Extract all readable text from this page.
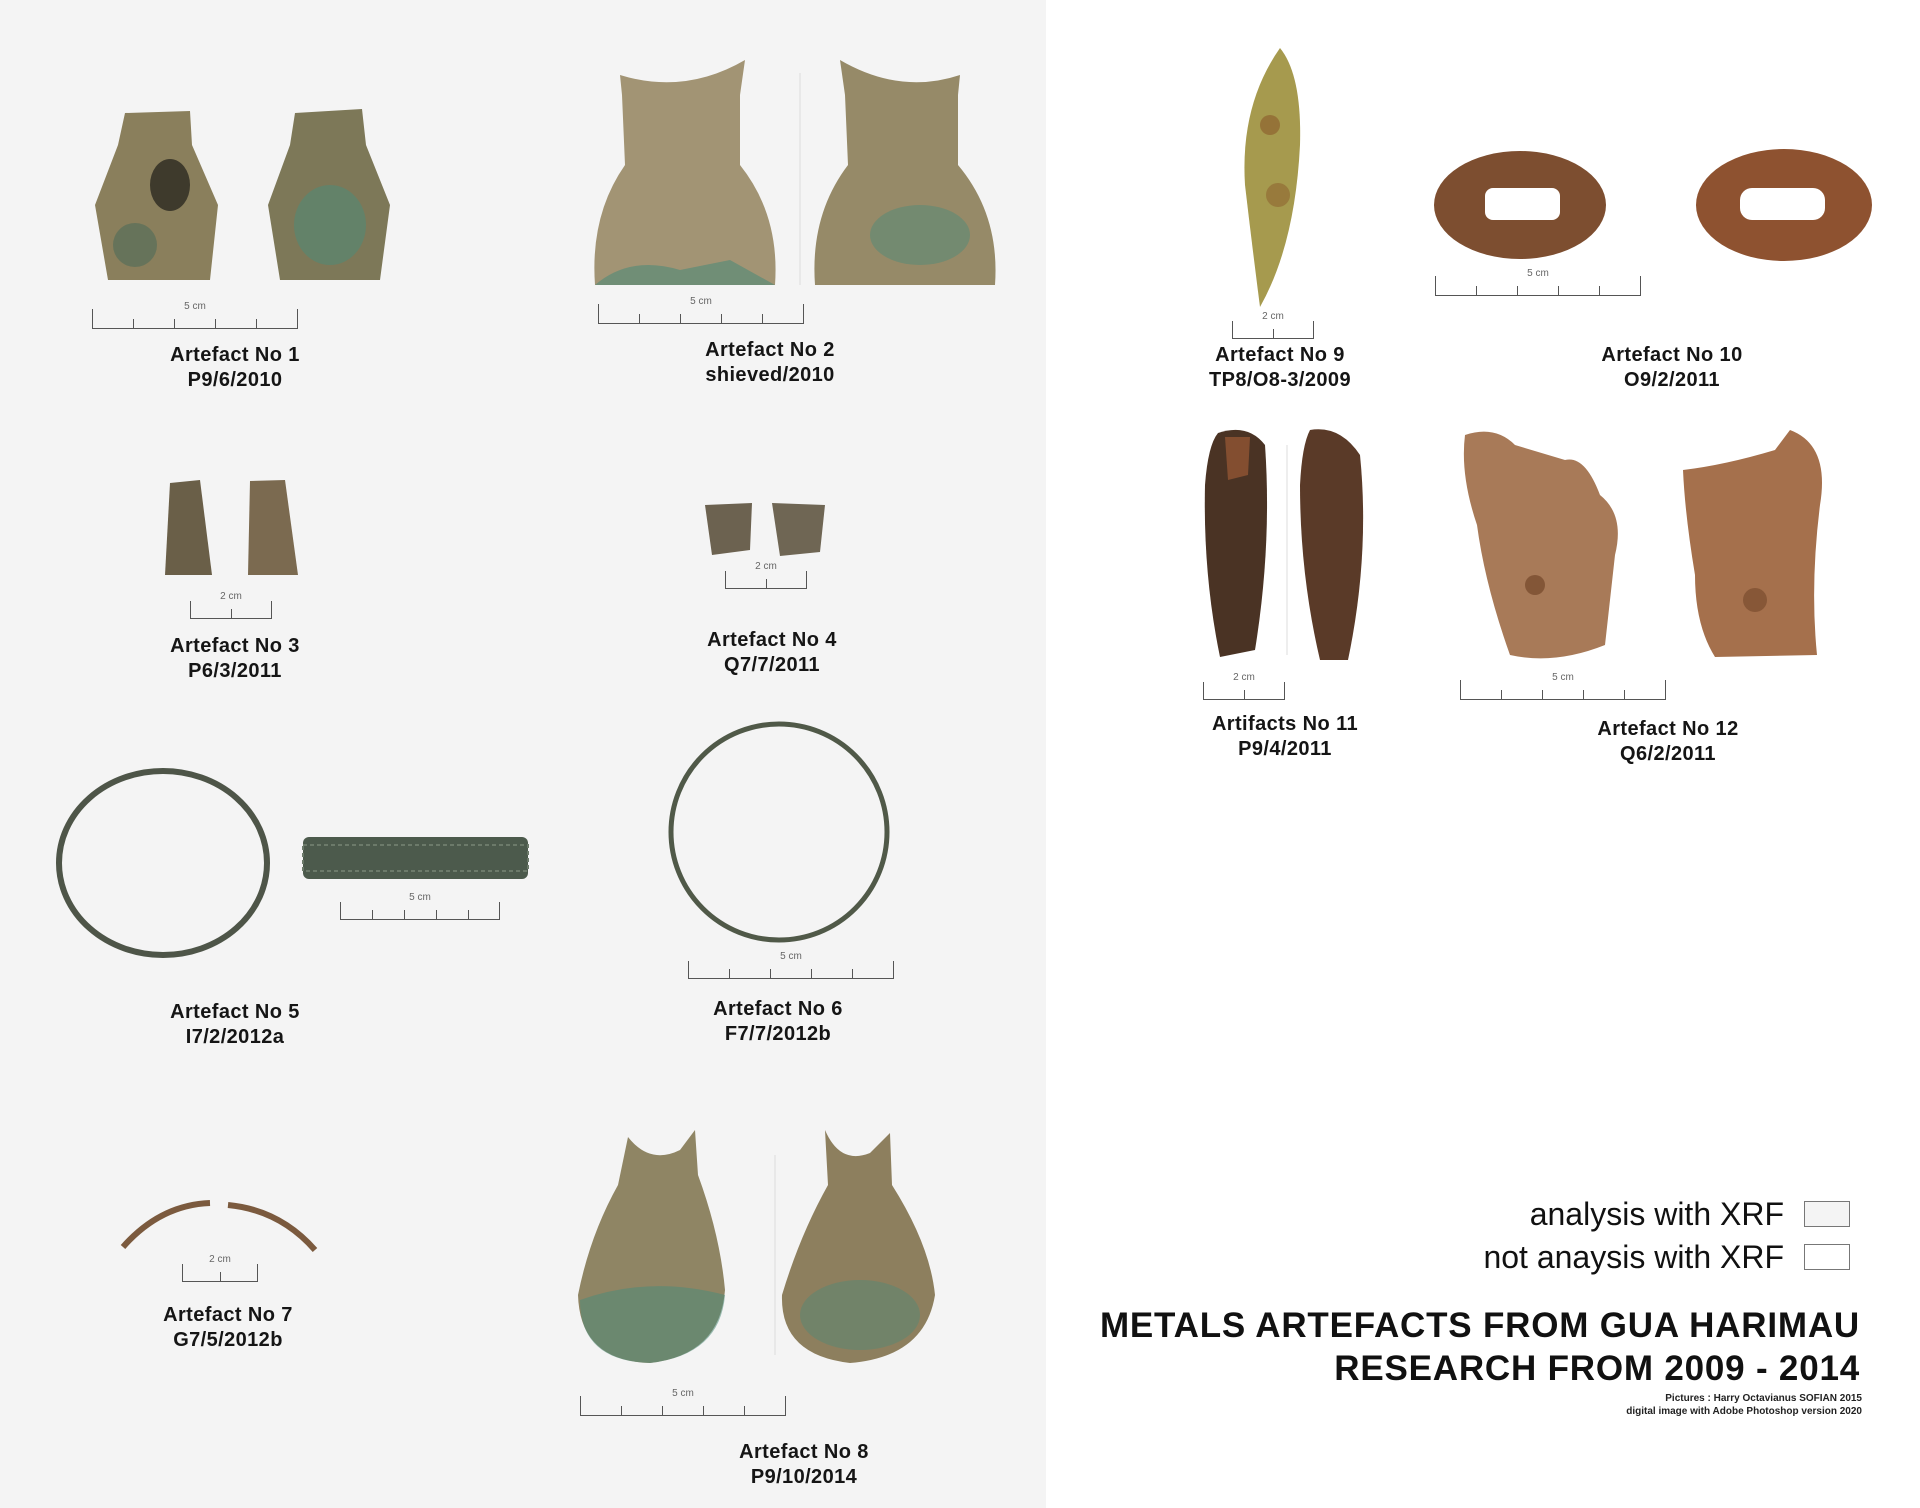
5 cm
Artefact No 1
P9/6/2010
5 cm
Artefact No 2
shieved/2010
2 cm
Artefact No 3
P6/3/2011
2 cm
Artefact No 4
Q7/7/2011
5 cm
Artefact No 5
I7/2/2012a
5 cm
Artefact No 6
F7/7/2012b
2 cm
Artefact No 7
G7/5/2012b
5 cm
Artefact No 8
P9/10/2014
2 cm
Artefact No 9
TP8/O8-3/2009
5 cm
Artefact No 10
O9/2/2011
2 cm
Artifacts No 11
P9/4/2011
5 cm
Artefact No 12
Q6/2/2011
analysis with XRF
not anaysis with XRF
METALS ARTEFACTS FROM GUA HARIMAU
RESEARCH FROM 2009 - 2014
Pictures : Harry Octavianus SOFIAN 2015
digital image with Adobe Photoshop version 2020
